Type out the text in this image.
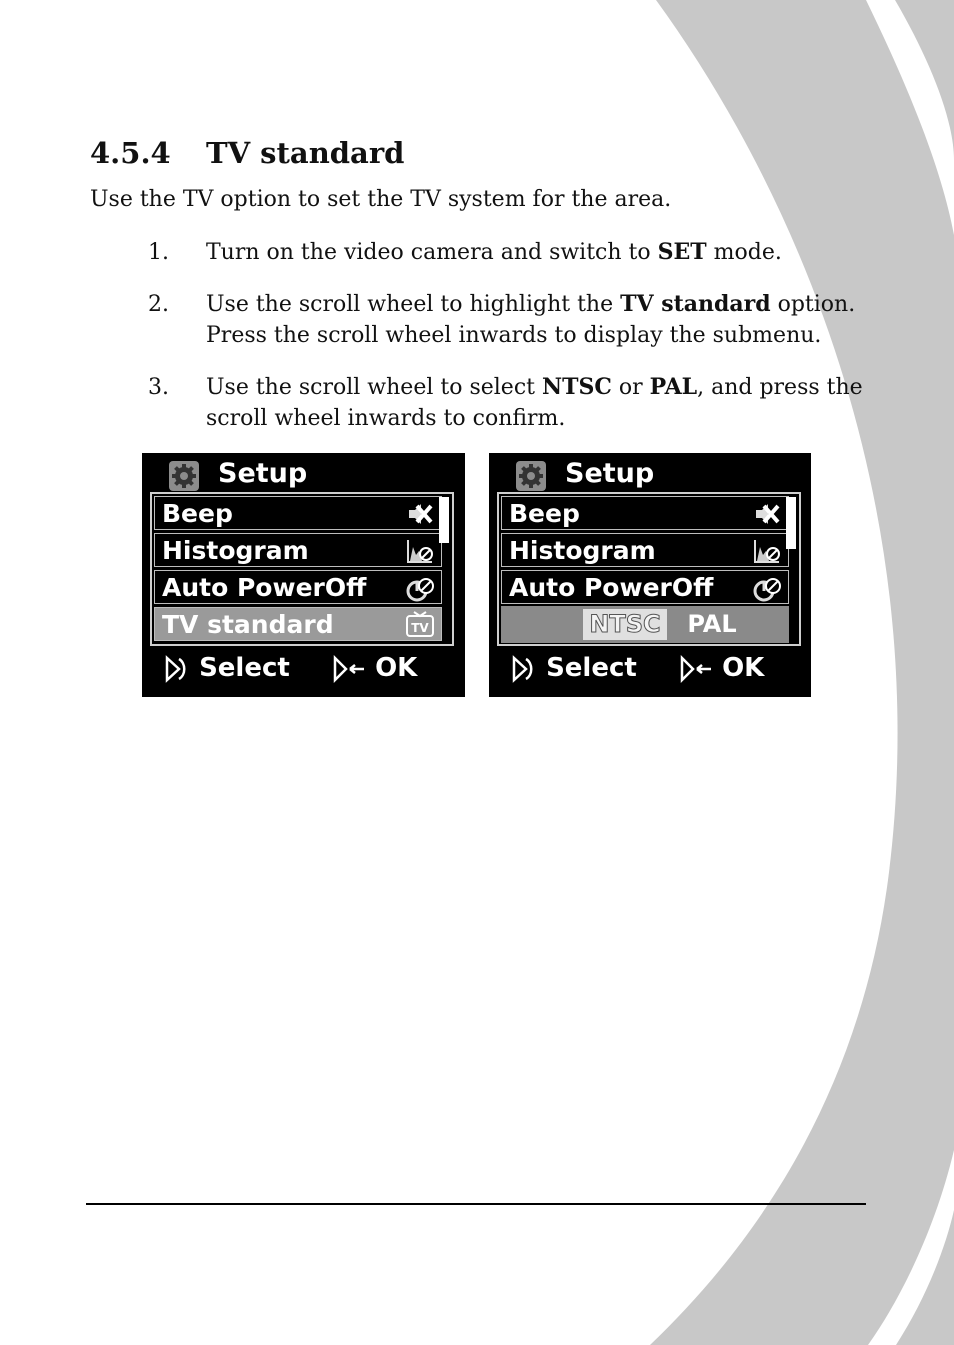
4.5.4 TV standard
Use the TV option to set the TV system for the area.
1. Turn on the video camera and switch to SET mode.
2. Use the scroll wheel to highlight the TV standard option. Press the scroll wheel inwards to display the submenu.
3. Use the scroll wheel to select NTSC or PAL, and press the scroll wheel inwards to confirm.
Setup
Beep
Histogram
Auto PowerOff
TV standard	TV
Select	OK
Setup
Beep
Histogram
Auto PowerOff
NTSC PAL
Select	OK
